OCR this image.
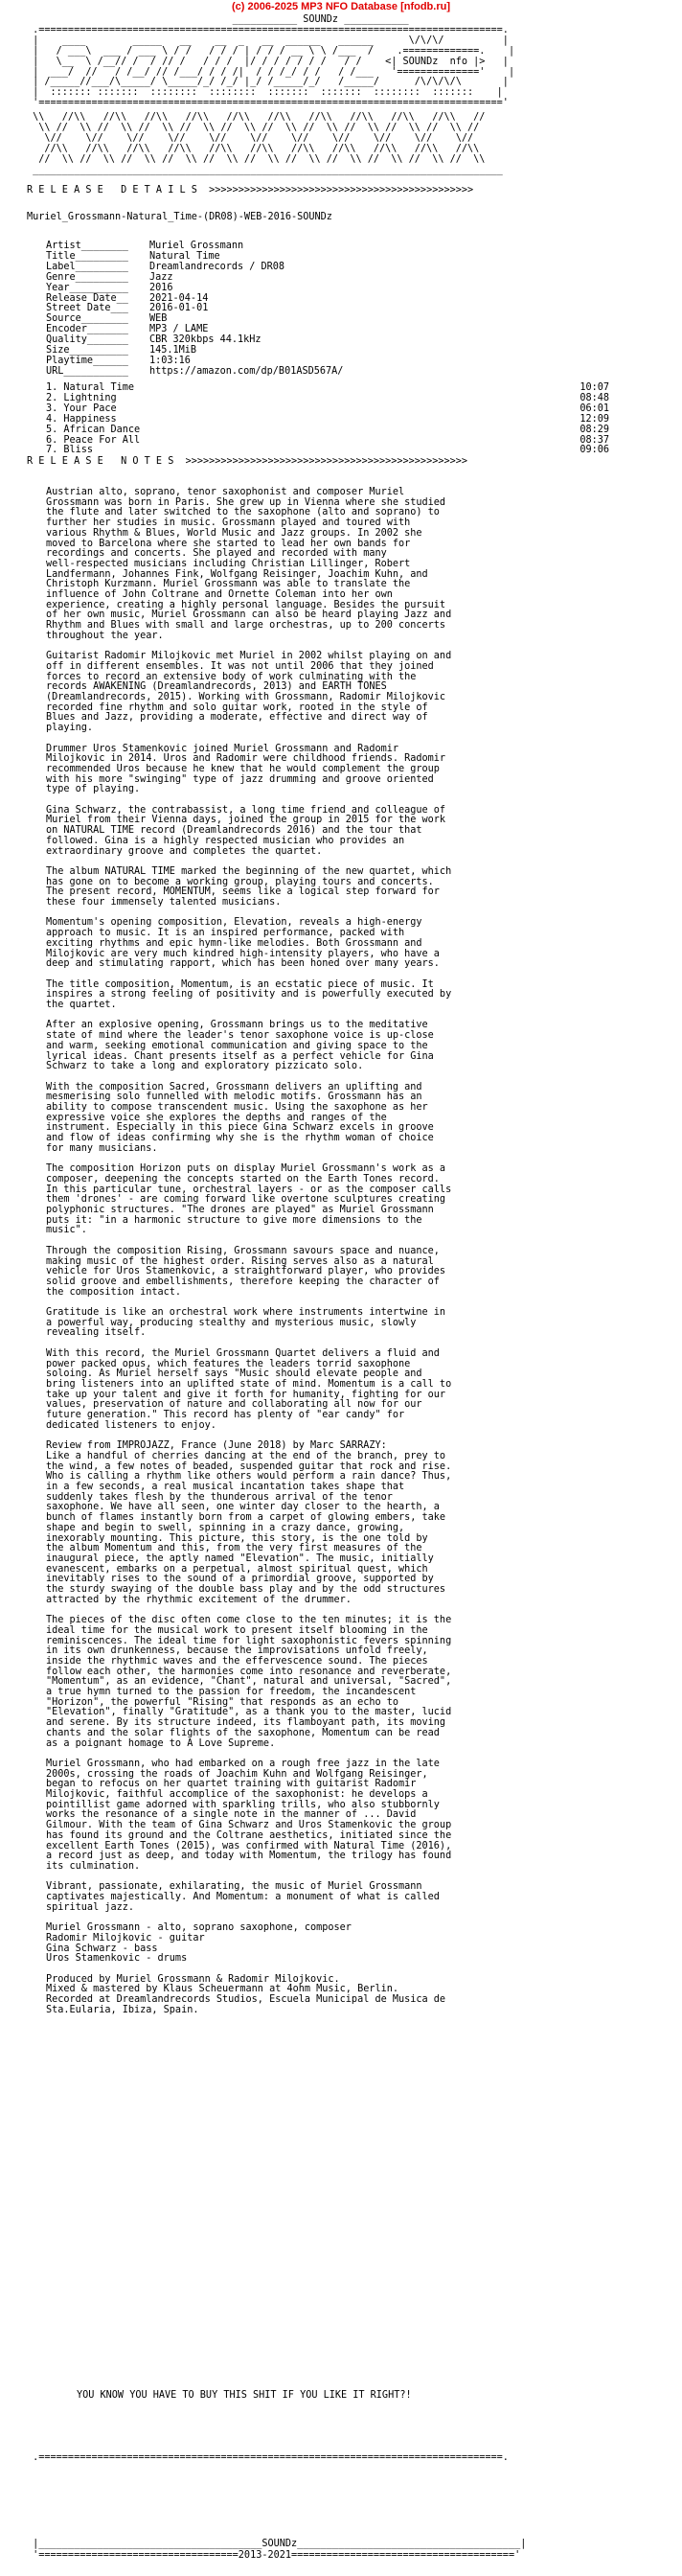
(c) 2006-2025 MP3 NFO Database [nfodb.ru]
___________ SOUNDz ___________
.===============================================================================.
|    ____        _____   __    __  _   __  ______   ______      \/\/\/          |
|   / ___\  ___ / ___ \ / /   / / / | / / / __ \ \ /___  /    .=============.    |
|   \__  \ /__// /  / // /   / / /  |/ / / / / / /   / /    <| SOUNDz  nfo |>   |
|  ___/  //   / /__/ // /___/ / / /|  / / /_/ / /   / /___   '=============='    |
| /_____//___/\_____/ \_____/_/ /_/ |_/ /_____/_/   /_____/      /\/\/\/\       |
|  ::::::: :::::::  ::::::::  ::::::::  :::::::  :::::::  ::::::::  :::::::    |
'==============================================================================='
\\   //\\   //\\   //\\   //\\   //\\   //\\   //\\   //\\   //\\   //\\   //
\\ //  \\ //  \\ //  \\ //  \\ //  \\ //  \\ //  \\ //  \\ //  \\ //  \\ //
\//    \//    \//    \//    \//    \//    \//    \//    \//    \//    \//
//\\   //\\   //\\   //\\   //\\   //\\   //\\   //\\   //\\   //\\   //\\
//  \\ //  \\ //  \\ //  \\ //  \\ //  \\ //  \\ //  \\ //  \\ //  \\ //  \\
________________________________________________________________________________
R E L E A S E   D E T A I L S  >>>>>>>>>>>>>>>>>>>>>>>>>>>>>>>>>>>>>>>>>>>>>
Muriel_Grossmann-Natural_Time-(DR08)-WEB-2016-SOUNDz
Artist________	Muriel Grossmann
Title_________	Natural Time
Label_________	Dreamlandrecords / DR08
Genre_________	Jazz
Year__________	2016
Release Date__	2021-04-14
Street Date___	2016-01-01
Source________	WEB
Encoder_______	MP3 / LAME
Quality_______	CBR 320kbps 44.1kHz
Size__________	145.1MiB
Playtime______	1:03:16
URL___________	https://amazon.com/dp/B01ASD567A/
1. Natural Time	10:07
2. Lightning	08:48
3. Your Pace	06:01
4. Happiness	12:09
5. African Dance	08:29
6. Peace For All	08:37
7. Bliss	09:06
R E L E A S E   N O T E S  >>>>>>>>>>>>>>>>>>>>>>>>>>>>>>>>>>>>>>>>>>>>>>>>

Austrian alto, soprano, tenor saxophonist and composer Muriel
Grossmann was born in Paris. She grew up in Vienna where she studied
the flute and later switched to the saxophone (alto and soprano) to
further her studies in music. Grossmann played and toured with
various Rhythm & Blues, World Music and Jazz groups. In 2002 she
moved to Barcelona where she started to lead her own bands for
recordings and concerts. She played and recorded with many
well-respected musicians including Christian Lillinger, Robert
Landfermann, Johannes Fink, Wolfgang Reisinger, Joachim Kuhn, and
Christoph Kurzmann. Muriel Grossmann was able to translate the
influence of John Coltrane and Ornette Coleman into her own
experience, creating a highly personal language. Besides the pursuit
of her own music, Muriel Grossmann can also be heard playing Jazz and
Rhythm and Blues with small and large orchestras, up to 200 concerts
throughout the year.

Guitarist Radomir Milojkovic met Muriel in 2002 whilst playing on and
off in different ensembles. It was not until 2006 that they joined
forces to record an extensive body of work culminating with the
records AWAKENING (Dreamlandrecords, 2013) and EARTH TONES
(Dreamlandrecords, 2015). Working with Grossmann, Radomir Milojkovic
recorded fine rhythm and solo guitar work, rooted in the style of
Blues and Jazz, providing a moderate, effective and direct way of
playing.

Drummer Uros Stamenkovic joined Muriel Grossmann and Radomir
Milojkovic in 2014. Uros and Radomir were childhood friends. Radomir
recommended Uros because he knew that he would complement the group
with his more "swinging" type of jazz drumming and groove oriented
type of playing.

Gina Schwarz, the contrabassist, a long time friend and colleague of
Muriel from their Vienna days, joined the group in 2015 for the work
on NATURAL TIME record (Dreamlandrecords 2016) and the tour that
followed. Gina is a highly respected musician who provides an
extraordinary groove and completes the quartet.

The album NATURAL TIME marked the beginning of the new quartet, which
has gone on to become a working group, playing tours and concerts.
The present record, MOMENTUM, seems like a logical step forward for
these four immensely talented musicians.

Momentum's opening composition, Elevation, reveals a high-energy
approach to music. It is an inspired performance, packed with
exciting rhythms and epic hymn-like melodies. Both Grossmann and
Milojkovic are very much kindred high-intensity players, who have a
deep and stimulating rapport, which has been honed over many years.

The title composition, Momentum, is an ecstatic piece of music. It
inspires a strong feeling of positivity and is powerfully executed by
the quartet.

After an explosive opening, Grossmann brings us to the meditative
state of mind where the leader's tenor saxophone voice is up-close
and warm, seeking emotional communication and giving space to the
lyrical ideas. Chant presents itself as a perfect vehicle for Gina
Schwarz to take a long and exploratory pizzicato solo.

With the composition Sacred, Grossmann delivers an uplifting and
mesmerising solo funnelled with melodic motifs. Grossmann has an
ability to compose transcendent music. Using the saxophone as her
expressive voice she explores the depths and ranges of the
instrument. Especially in this piece Gina Schwarz excels in groove
and flow of ideas confirming why she is the rhythm woman of choice
for many musicians.

The composition Horizon puts on display Muriel Grossmann's work as a
composer, deepening the concepts started on the Earth Tones record.
In this particular tune, orchestral layers - or as the composer calls
them 'drones' - are coming forward like overtone sculptures creating
polyphonic structures. "The drones are played" as Muriel Grossmann
puts it: "in a harmonic structure to give more dimensions to the
music".

Through the composition Rising, Grossmann savours space and nuance,
making music of the highest order. Rising serves also as a natural
vehicle for Uros Stamenkovic, a straightforward player, who provides
solid groove and embellishments, therefore keeping the character of
the composition intact.

Gratitude is like an orchestral work where instruments intertwine in
a powerful way, producing stealthy and mysterious music, slowly
revealing itself.

With this record, the Muriel Grossmann Quartet delivers a fluid and
power packed opus, which features the leaders torrid saxophone
soloing. As Muriel herself says "Music should elevate people and
bring listeners into an uplifted state of mind. Momentum is a call to
take up your talent and give it forth for humanity, fighting for our
values, preservation of nature and collaborating all now for our
future generation." This record has plenty of "ear candy" for
dedicated listeners to enjoy.

Review from IMPROJAZZ, France (June 2018) by Marc SARRAZY:
Like a handful of cherries dancing at the end of the branch, prey to
the wind, a few notes of beaded, suspended guitar that rock and rise.
Who is calling a rhythm like others would perform a rain dance? Thus,
in a few seconds, a real musical incantation takes shape that
suddenly takes flesh by the thunderous arrival of the tenor
saxophone. We have all seen, one winter day closer to the hearth, a
bunch of flames instantly born from a carpet of glowing embers, take
shape and begin to swell, spinning in a crazy dance, growing,
inexorably mounting. This picture, this story, is the one told by
the album Momentum and this, from the very first measures of the
inaugural piece, the aptly named "Elevation". The music, initially
evanescent, embarks on a perpetual, almost spiritual quest, which
inevitably rises to the sound of a primordial groove, supported by
the sturdy swaying of the double bass play and by the odd structures
attracted by the rhythmic excitement of the drummer.

The pieces of the disc often come close to the ten minutes; it is the
ideal time for the musical work to present itself blooming in the
reminiscences. The ideal time for light saxophonistic fevers spinning
in its own drunkenness, because the improvisations unfold freely,
inside the rhythmic waves and the effervescence sound. The pieces
follow each other, the harmonies come into resonance and reverberate,
"Momentum", as an evidence, "Chant", natural and universal, "Sacred",
a true hymn turned to the passion for freedom, the incandescent
"Horizon", the powerful "Rising" that responds as an echo to
"Elevation", finally "Gratitude", as a thank you to the master, lucid
and serene. By its structure indeed, its flamboyant path, its moving
chants and the solar flights of the saxophone, Momentum can be read
as a poignant homage to A Love Supreme.

Muriel Grossmann, who had embarked on a rough free jazz in the late
2000s, crossing the roads of Joachim Kuhn and Wolfgang Reisinger,
began to refocus on her quartet training with guitarist Radomir
Milojkovic, faithful accomplice of the saxophonist: he develops a
pointillist game adorned with sparkling trills, who also stubbornly
works the resonance of a single note in the manner of ... David
Gilmour. With the team of Gina Schwarz and Uros Stamenkovic the group
has found its ground and the Coltrane aesthetics, initiated since the
excellent Earth Tones (2015), was confirmed with Natural Time (2016),
a record just as deep, and today with Momentum, the trilogy has found
its culmination.

Vibrant, passionate, exhilarating, the music of Muriel Grossmann
captivates majestically. And Momentum: a monument of what is called
spiritual jazz.

Muriel Grossmann - alto, soprano saxophone, composer
Radomir Milojkovic - guitar
Gina Schwarz - bass
Uros Stamenkovic - drums

Produced by Muriel Grossmann & Radomir Milojkovic.
Mixed & mastered by Klaus Scheuermann at 4ohm Music, Berlin.
Recorded at Dreamlandrecords Studios, Escuela Municipal de Musica de
Sta.Eularia, Ibiza, Spain.

YOU KNOW YOU HAVE TO BUY THIS SHIT IF YOU LIKE IT RIGHT?!
.===============================================================================.
|______________________________________SOUNDz______________________________________|
'==================================2013-2021======================================'
